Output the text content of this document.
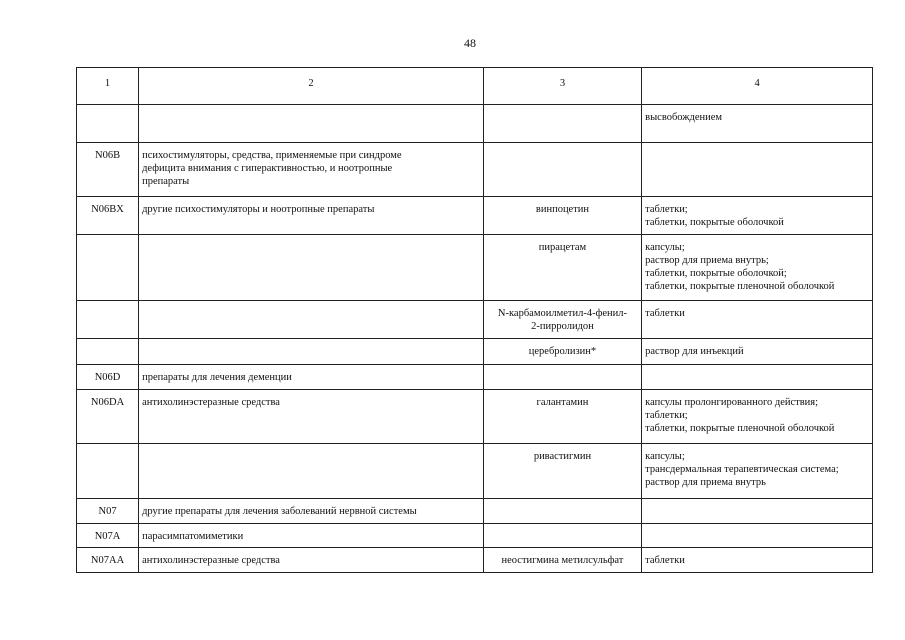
48
1	2	3	4

			высвобождением

N06B	психостимуляторы, средства, применяемые при синдроме
дефицита внимания с гиперактивностью, и ноотропные
препараты		

N06BX	другие психостимуляторы и ноотропные препараты	винпоцетин	таблетки;
таблетки, покрытые оболочкой

		пирацетам	капсулы;
раствор для приема внутрь;
таблетки, покрытые оболочкой;
таблетки, покрытые пленочной оболочкой

		N-карбамоилметил-4-фенил-
2-пирролидон	таблетки

		церебролизин*	раствор для инъекций

N06D	препараты для лечения деменции		

N06DA	антихолинэстеразные средства	галантамин	капсулы пролонгированного действия;
таблетки;
таблетки, покрытые пленочной оболочкой

		ривастигмин	капсулы;
трансдермальная терапевтическая система;
раствор для приема внутрь

N07	другие препараты для лечения заболеваний нервной системы		

N07A	парасимпатомиметики		

N07AA	антихолинэстеразные средства	неостигмина метилсульфат	таблетки
